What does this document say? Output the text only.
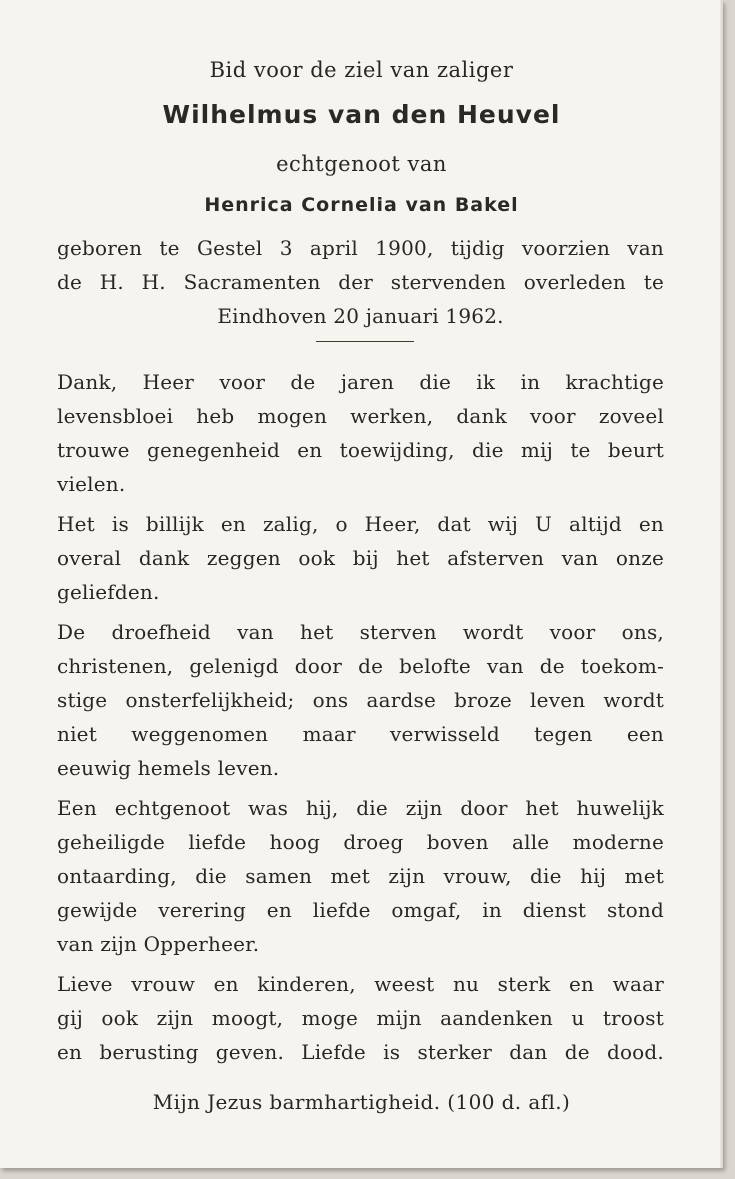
Bid voor de ziel van zaliger
Wilhelmus van den Heuvel
echtgenoot van
Henrica Cornelia van Bakel
geboren te Gestel 3 april 1900, tijdig voorzien van
de H. H. Sacramenten der stervenden overleden te
Eindhoven 20 januari 1962.
Dank, Heer voor de jaren die ik in krachtige
levensbloei heb mogen werken, dank voor zoveel
trouwe genegenheid en toewijding, die mij te beurt
vielen.
Het is billijk en zalig, o Heer, dat wij U altijd en
overal dank zeggen ook bij het afsterven van onze
geliefden.
De droefheid van het sterven wordt voor ons,
christenen, gelenigd door de belofte van de toekom-
stige onsterfelijkheid; ons aardse broze leven wordt
niet weggenomen maar verwisseld tegen een
eeuwig hemels leven.
Een echtgenoot was hij, die zijn door het huwelijk
geheiligde liefde hoog droeg boven alle moderne
ontaarding, die samen met zijn vrouw, die hij met
gewijde verering en liefde omgaf, in dienst stond
van zijn Opperheer.
Lieve vrouw en kinderen, weest nu sterk en waar
gij ook zijn moogt, moge mijn aandenken u troost
en berusting geven. Liefde is sterker dan de dood.
Mijn Jezus barmhartigheid. (100 d. afl.)
